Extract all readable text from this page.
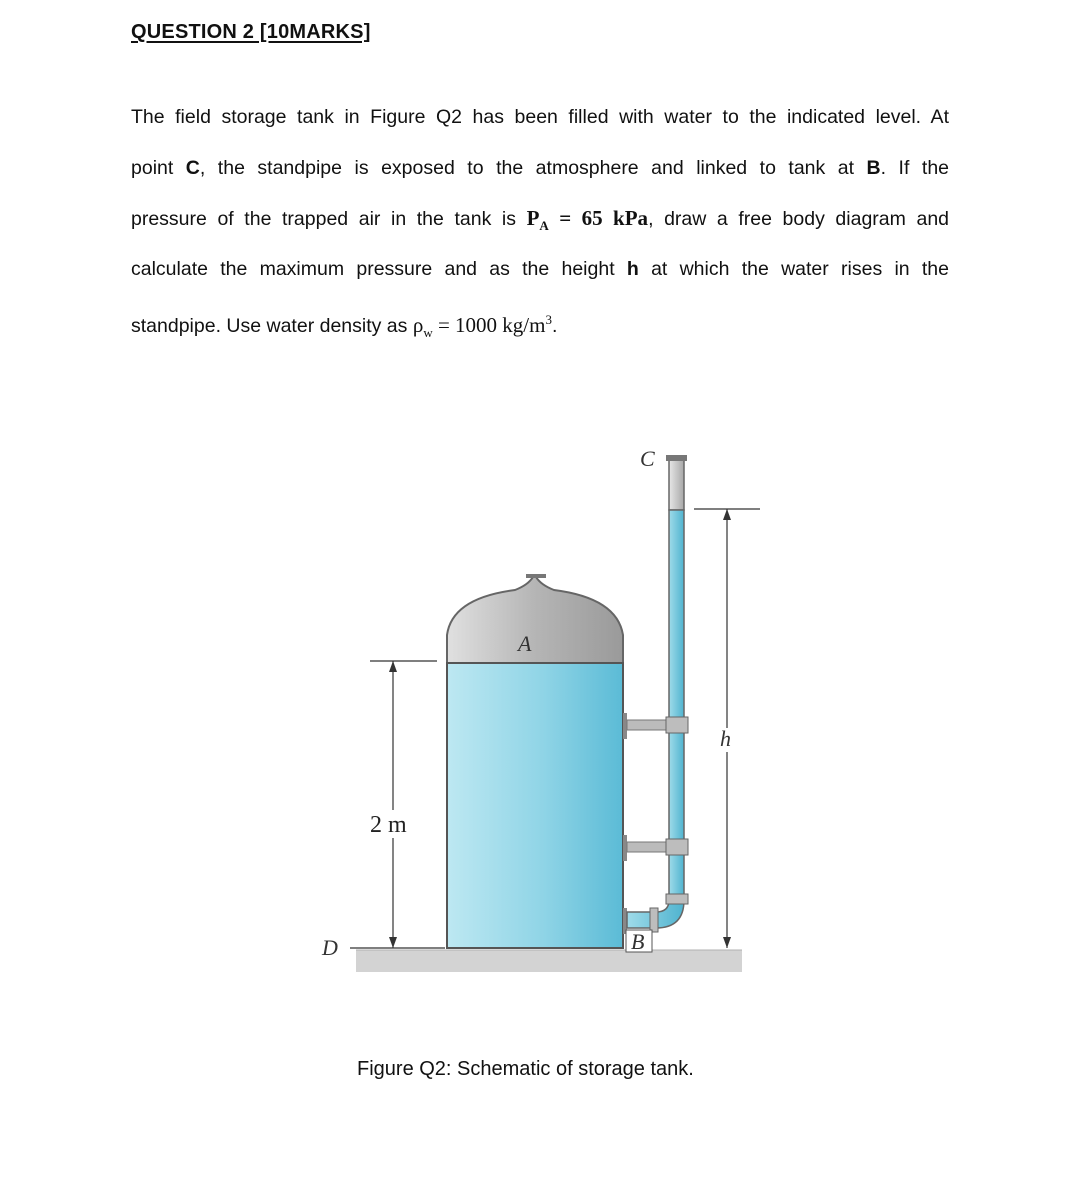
QUESTION 2 [10MARKS]

The field storage tank in Figure Q2 has been filled with water to the indicated level. At

point C, the standpipe is exposed to the atmosphere and linked to tank at B. If the

pressure of the trapped air in the tank is $P_A = 65$ kPa, draw a free body diagram and

calculate the maximum pressure and as the height h at which the water rises in the

standpipe. Use water density as $\rho_w = 1000$ $kg/m^3$.

h
2 m
D
C
A
B

Figure Q2: Schematic of storage tank.
